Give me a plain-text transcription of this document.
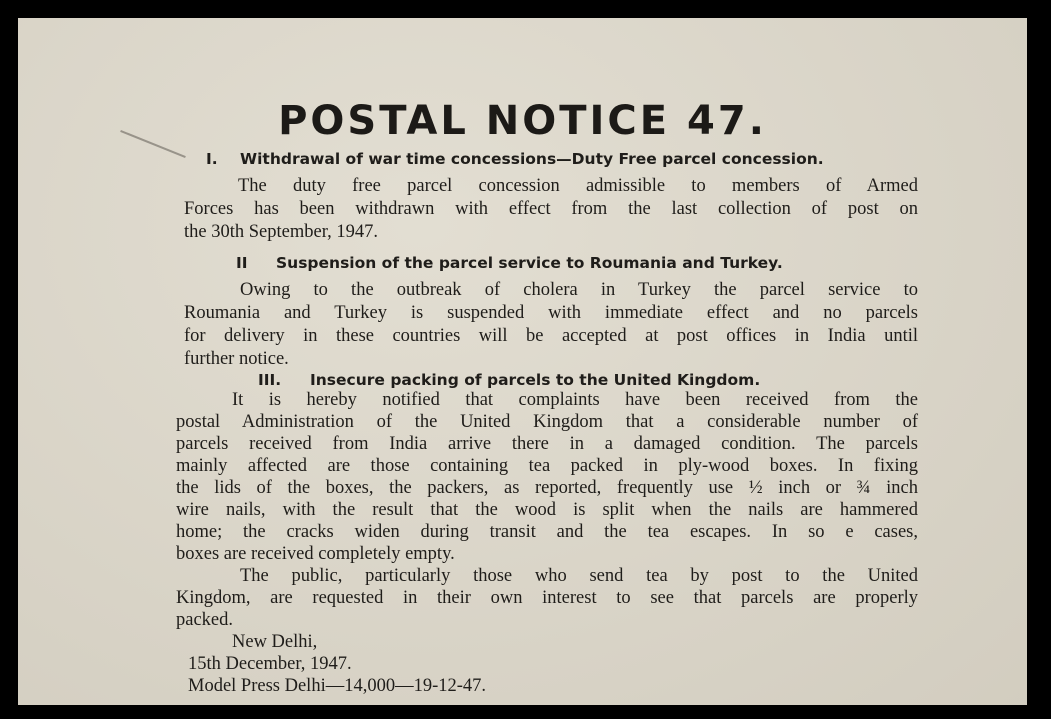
POSTAL NOTICE 47.
I. Withdrawal of war time concessions—Duty Free parcel concession.
The duty free parcel concession admissible to members of Armed
Forces has been withdrawn with effect from the last collection of post on
the 30th September, 1947.
II Suspension of the parcel service to Roumania and Turkey.
Owing to the outbreak of cholera in Turkey the parcel service to
Roumania and Turkey is suspended with immediate effect and no parcels
for delivery in these countries will be accepted at post offices in India until
further notice.
III. Insecure packing of parcels to the United Kingdom.
It is hereby notified that complaints have been received from the
postal Administration of the United Kingdom that a considerable number of
parcels received from India arrive there in a damaged condition. The parcels
mainly affected are those containing tea packed in ply-wood boxes. In fixing
the lids of the boxes, the packers, as reported, frequently use ½ inch or ¾ inch
wire nails, with the result that the wood is split when the nails are hammered
home; the cracks widen during transit and the tea escapes. In so e cases,
boxes are received completely empty.
The public, particularly those who send tea by post to the United
Kingdom, are requested in their own interest to see that parcels are properly
packed.
New Delhi,
15th December, 1947.
Model Press Delhi—14,000—19-12-47.
